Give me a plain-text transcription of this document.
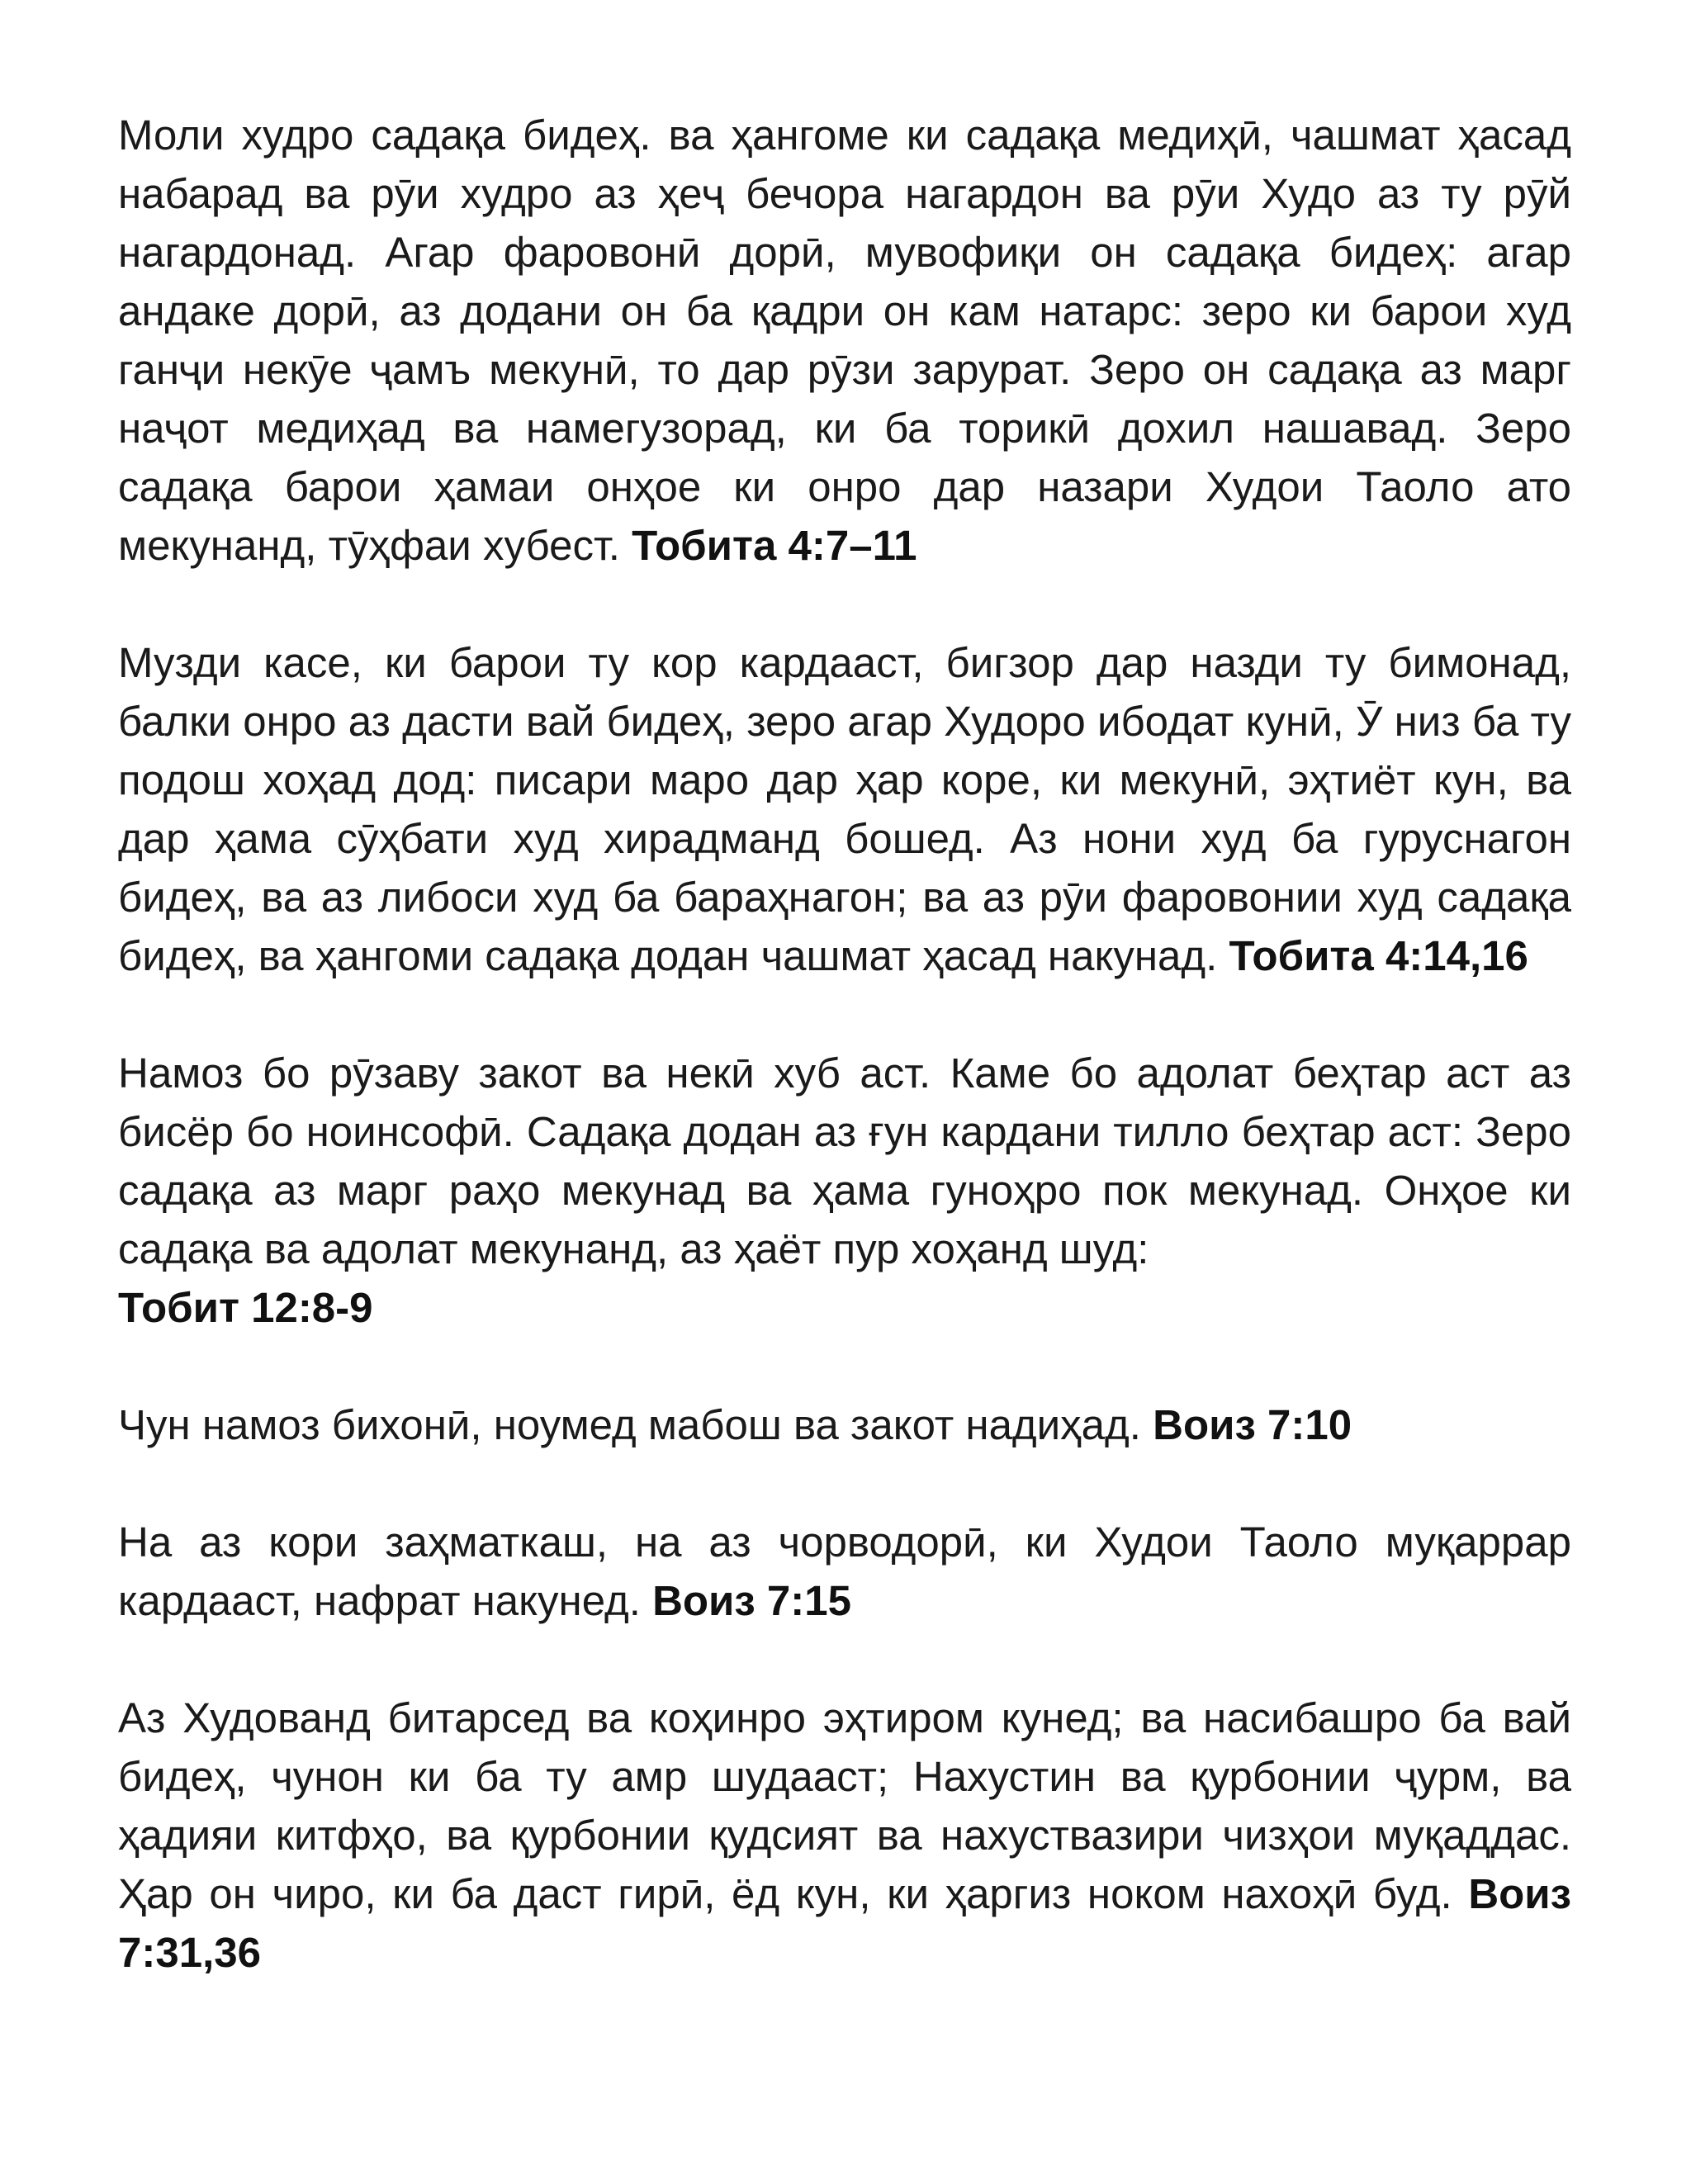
Моли худро садақа бидеҳ. ва ҳангоме ки садақа медиҳӣ, чашмат ҳасад набарад ва рӯи худро аз ҳеҷ бечора нагардон ва рӯи Худо аз ту рӯй нагардонад. Агар фаровонӣ дорӣ, мувофиқи он садақа бидеҳ: агар андаке дорӣ, аз додани он ба қадри он кам натарс: зеро ки барои худ ганҷи некӯе ҷамъ мекунӣ, то дар рӯзи зарурат. Зеро он садақа аз марг наҷот медиҳад ва намегузорад, ки ба торикӣ дохил нашавад. Зеро садақа барои ҳамаи онҳое ки онро дар назари Худои Таоло ато мекунанд, тӯҳфаи хубест. Тобита 4:7–11

Музди касе, ки барои ту кор кардааст, бигзор дар назди ту бимонад, балки онро аз дасти вай бидеҳ, зеро агар Худоро ибодат кунӣ, Ӯ низ ба ту подош хоҳад дод: писари маро дар ҳар коре, ки мекунӣ, эҳтиёт кун, ва дар ҳама сӯҳбати худ хирадманд бошед. Аз нони худ ба гуруснагон бидеҳ, ва аз либоси худ ба бараҳнагон; ва аз рӯи фаровонии худ садақа бидеҳ, ва ҳангоми садақа додан чашмат ҳасад накунад. Тобита 4:14,16

Намоз бо рӯзаву закот ва некӣ хуб аст. Каме бо адолат беҳтар аст аз бисёр бо ноинсофӣ. Садақа додан аз ғун кардани тилло беҳтар аст: Зеро садақа аз марг раҳо мекунад ва ҳама гуноҳро пок мекунад. Онҳое ки садақа ва адолат мекунанд, аз ҳаёт пур хоҳанд шуд:
Тобит 12:8-9

Чун намоз бихонӣ, ноумед мабош ва закот надиҳад. Воиз 7:10

На аз кори заҳматкаш, на аз чорводорӣ, ки Худои Таоло муқаррар кардааст, нафрат накунед. Воиз 7:15

Аз Худованд битарсед ва коҳинро эҳтиром кунед; ва насибашро ба вай бидеҳ, чунон ки ба ту амр шудааст; Нахустин ва қурбонии ҷурм, ва ҳадияи китфҳо, ва қурбонии қудсият ва нахуствазири чизҳои муқаддас. Ҳар он чиро, ки ба даст гирӣ, ёд кун, ки ҳаргиз ноком нахоҳӣ буд. Воиз 7:31,36
